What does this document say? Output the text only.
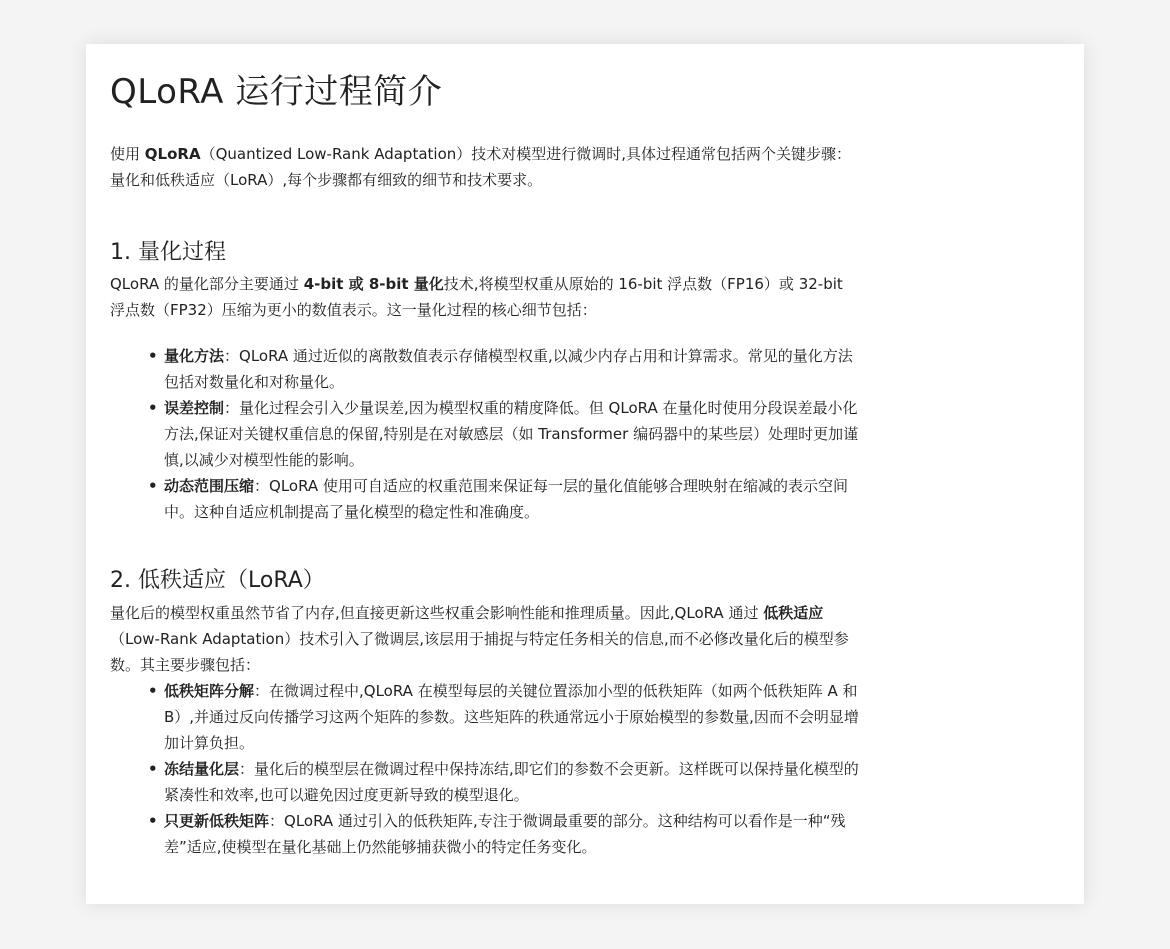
QLoRA 运行过程简介

使用 QLoRA（Quantized Low-Rank Adaptation）技术对模型进行微调时,具体过程通常包括两个关键步骤：量化和低秩适应（LoRA）,每个步骤都有细致的细节和技术要求。

1. 量化过程

QLoRA 的量化部分主要通过 4-bit 或 8-bit 量化技术,将模型权重从原始的 16-bit 浮点数（FP16）或 32-bit 浮点数（FP32）压缩为更小的数值表示。这一量化过程的核心细节包括：

• 量化方法：QLoRA 通过近似的离散数值表示存储模型权重,以减少内存占用和计算需求。常见的量化方法包括对数量化和对称量化。
• 误差控制：量化过程会引入少量误差,因为模型权重的精度降低。但 QLoRA 在量化时使用分段误差最小化方法,保证对关键权重信息的保留,特别是在对敏感层（如 Transformer 编码器中的某些层）处理时更加谨慎,以减少对模型性能的影响。
• 动态范围压缩：QLoRA 使用可自适应的权重范围来保证每一层的量化值能够合理映射在缩减的表示空间中。这种自适应机制提高了量化模型的稳定性和准确度。
2. 低秩适应（LoRA）

量化后的模型权重虽然节省了内存,但直接更新这些权重会影响性能和推理质量。因此,QLoRA 通过 低秩适应（Low-Rank Adaptation）技术引入了微调层,该层用于捕捉与特定任务相关的信息,而不必修改量化后的模型参数。其主要步骤包括：

• 低秩矩阵分解：在微调过程中,QLoRA 在模型每层的关键位置添加小型的低秩矩阵（如两个低秩矩阵 A 和 B）,并通过反向传播学习这两个矩阵的参数。这些矩阵的秩通常远小于原始模型的参数量,因而不会明显增加计算负担。
• 冻结量化层：量化后的模型层在微调过程中保持冻结,即它们的参数不会更新。这样既可以保持量化模型的紧凑性和效率,也可以避免因过度更新导致的模型退化。
• 只更新低秩矩阵：QLoRA 通过引入的低秩矩阵,专注于微调最重要的部分。这种结构可以看作是一种“残差”适应,使模型在量化基础上仍然能够捕获微小的特定任务变化。
